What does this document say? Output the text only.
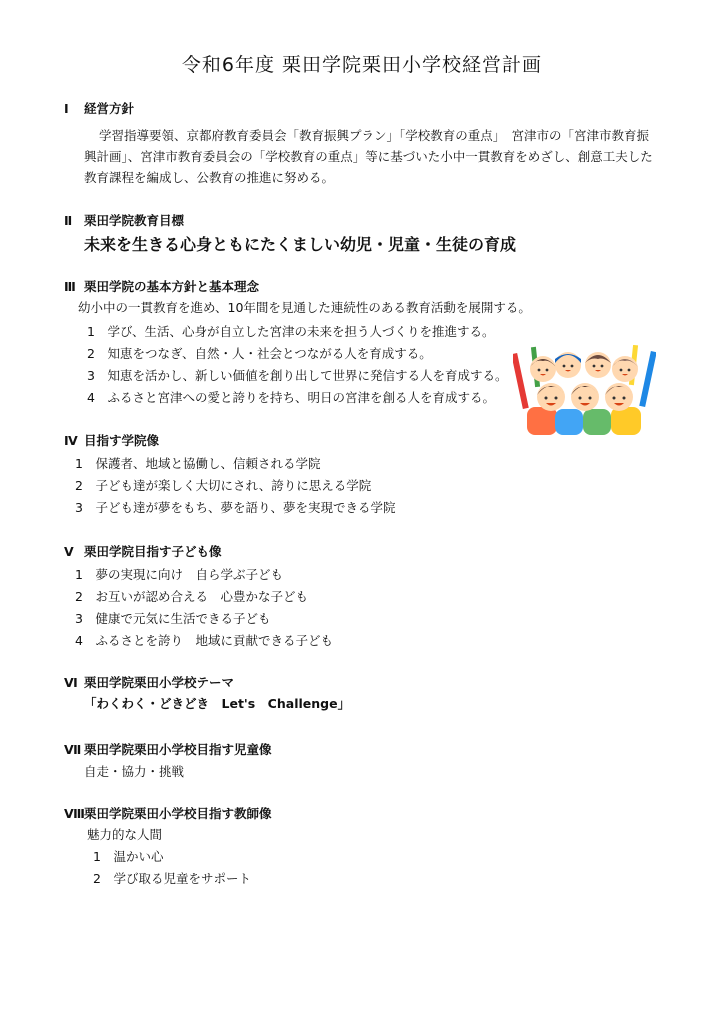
令和6年度 栗田学院栗田小学校経営計画
Ⅰ 経営方針
学習指導要領、京都府教育委員会「教育振興プラン」「学校教育の重点」　宮津市の「宮津市教育振興計画」、宮津市教育委員会の「学校教育の重点」等に基づいた小中一貫教育をめざし、創意工夫した教育課程を編成し、公教育の推進に努める。
Ⅱ 栗田学院教育目標
未来を生きる心身ともにたくましい幼児・児童・生徒の育成
Ⅲ 栗田学院の基本方針と基本理念
幼小中の一貫教育を進め、10年間を見通した連続性のある教育活動を展開する。
1　学び、生活、心身が自立した宮津の未来を担う人づくりを推進する。
2　知恵をつなぎ、自然・人・社会とつながる人を育成する。
3　知恵を活かし、新しい価値を創り出して世界に発信する人を育成する。
4　ふるさと宮津への愛と誇りを持ち、明日の宮津を創る人を育成する。
Ⅳ 目指す学院像
1　保護者、地域と協働し、信頼される学院
2　子ども達が楽しく大切にされ、誇りに思える学院
3　子ども達が夢をもち、夢を語り、夢を実現できる学院
Ⅴ 栗田学院目指す子ども像
1　夢の実現に向け　自ら学ぶ子ども
2　お互いが認め合える　心豊かな子ども
3　健康で元気に生活できる子ども
4　ふるさとを誇り　地域に貢献できる子ども
Ⅵ 栗田学院栗田小学校テーマ
「わくわく・どきどき　Let's　Challenge」
Ⅶ 栗田学院栗田小学校目指す児童像
自走・協力・挑戦
Ⅷ栗田学院栗田小学校目指す教師像
魅力的な人間
1　温かい心
2　学び取る児童をサポート
